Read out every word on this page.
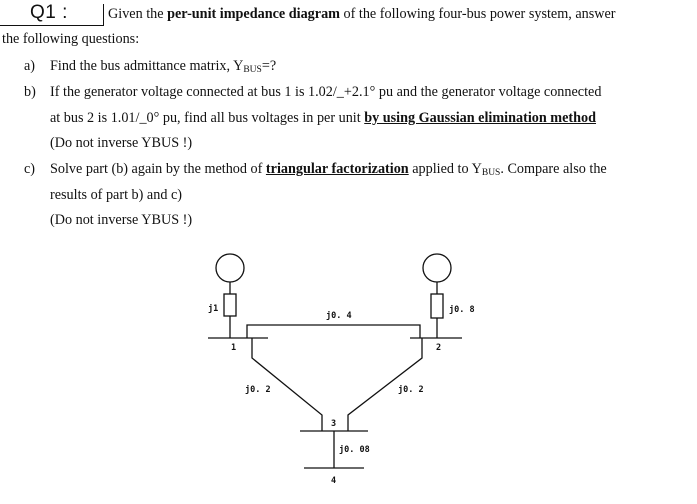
Q1 :	Given the per-unit impedance diagram of the following four-bus power system, answer
the following questions:
a) Find the bus admittance matrix, $Y_{BUS}=$?
b) If the generator voltage connected at bus 1 is 1.02/_+2.1° pu and the generator voltage connected
at bus 2 is 1.01/_0° pu, find all bus voltages in per unit by using Gaussian elimination method
(Do not inverse YBUS !)
c) Solve part (b) again by the method of triangular factorization applied to $Y_{BUS}$. Compare also the
results of part b) and c)
(Do not inverse YBUS !)
j1	j0. 8
j0. 4
j0. 2	j0. 2
j0. 08
1	2
3
4
